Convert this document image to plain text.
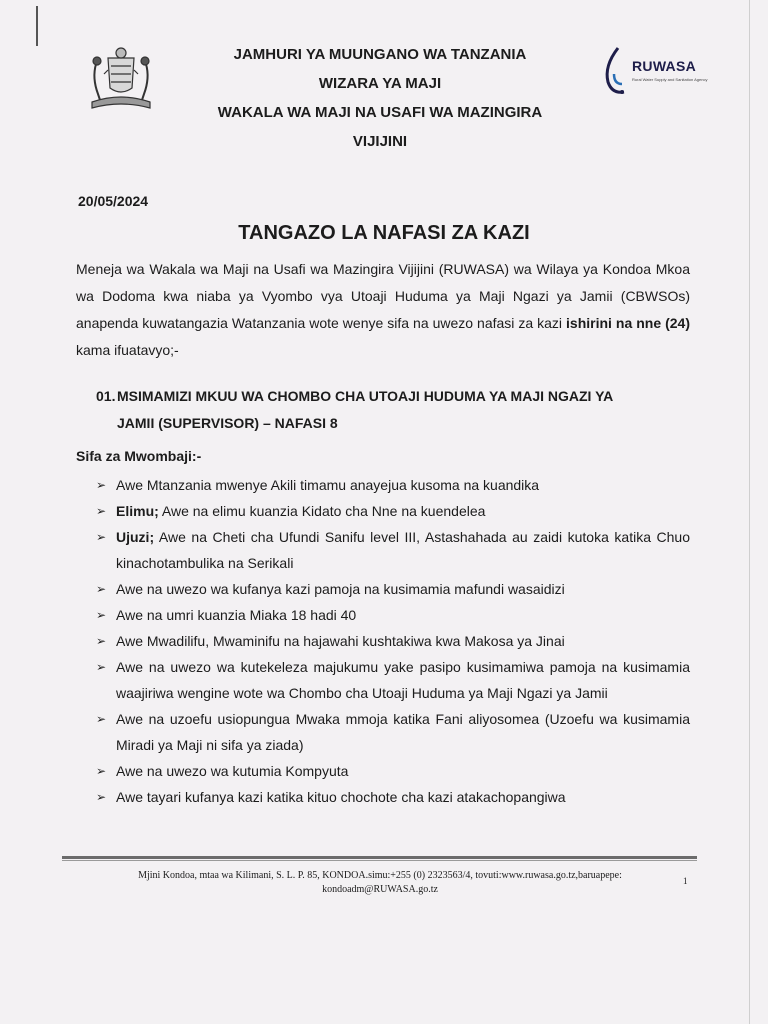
RUWASA
Rural Water Supply and Sanitation Agency
JAMHURI YA MUUNGANO WA TANZANIA
WIZARA YA MAJI
WAKALA WA MAJI NA USAFI WA MAZINGIRA
VIJIJINI
20/05/2024
TANGAZO LA NAFASI ZA KAZI
Meneja wa Wakala wa Maji na Usafi wa Mazingira Vijijini (RUWASA) wa Wilaya ya Kondoa Mkoa wa Dodoma kwa niaba ya Vyombo vya Utoaji Huduma ya Maji Ngazi ya Jamii (CBWSOs) anapenda kuwatangazia Watanzania wote wenye sifa na uwezo nafasi za kazi ishirini na nne (24) kama ifuatavyo;-
01. MSIMAMIZI MKUU WA CHOMBO CHA UTOAJI HUDUMA YA MAJI NGAZI YA
JAMII (SUPERVISOR) – NAFASI 8
Sifa za Mwombaji:-
➢ Awe Mtanzania mwenye Akili timamu anayejua kusoma na kuandika
➢ Elimu; Awe na elimu kuanzia Kidato cha Nne na kuendelea
➢ Ujuzi; Awe na Cheti cha Ufundi Sanifu level III, Astashahada au zaidi kutoka katika Chuo kinachotambulika na Serikali
➢ Awe na uwezo wa kufanya kazi pamoja na kusimamia mafundi wasaidizi
➢ Awe na umri kuanzia Miaka 18 hadi 40
➢ Awe Mwadilifu, Mwaminifu na hajawahi kushtakiwa kwa Makosa ya Jinai
➢ Awe na uwezo wa kutekeleza majukumu yake pasipo kusimamiwa pamoja na kusimamia waajiriwa wengine wote wa Chombo cha Utoaji Huduma ya Maji Ngazi ya Jamii
➢ Awe na uzoefu usiopungua Mwaka mmoja katika Fani aliyosomea (Uzoefu wa kusimamia Miradi ya Maji ni sifa ya ziada)
➢ Awe na uwezo wa kutumia Kompyuta
➢ Awe tayari kufanya kazi katika kituo chochote cha kazi atakachopangiwa
Mjini Kondoa, mtaa wa Kilimani, S. L. P. 85, KONDOA.simu:+255 (0) 2323563/4, tovuti:www.ruwasa.go.tz,baruapepe:
kondoadm@RUWASA.go.tz
1
